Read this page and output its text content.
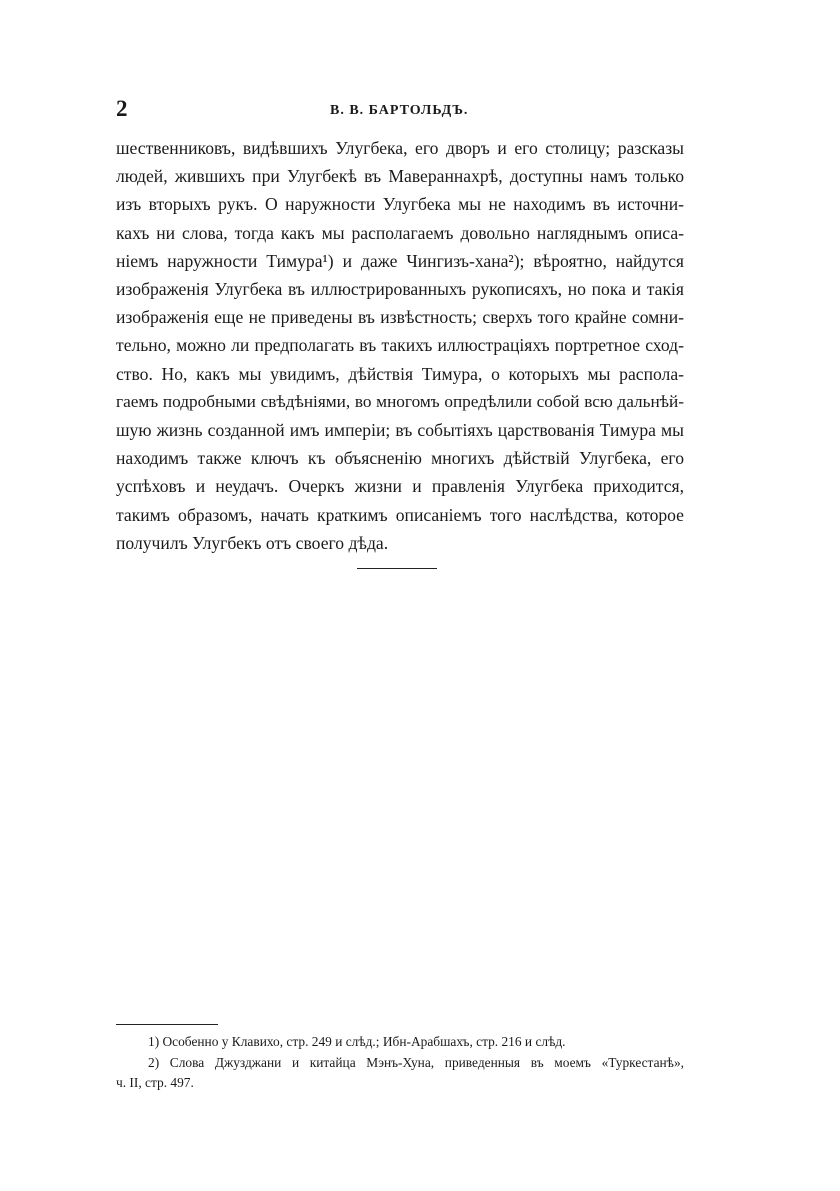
2	В. В. БАРТОЛЬДЪ.
шественниковъ, видѣвшихъ Улугбека, его дворъ и его столицу; разсказы
людей, жившихъ при Улугбекѣ въ Мавераннахрѣ, доступны намъ только
изъ вторыхъ рукъ. О наружности Улугбека мы не находимъ въ источни-
кахъ ни слова, тогда какъ мы располагаемъ довольно нагляднымъ описа-
ніемъ наружности Тимура¹) и даже Чингизъ-хана²); вѣроятно, найдутся
изображенія Улугбека въ иллюстрированныхъ рукописяхъ, но пока и такія
изображенія еще не приведены въ извѣстность; сверхъ того крайне сомни-
тельно, можно ли предполагать въ такихъ иллюстраціяхъ портретное сход-
ство. Но, какъ мы увидимъ, дѣйствія Тимура, о которыхъ мы распола-
гаемъ подробными свѣдѣніями, во многомъ опредѣлили собой всю дальнѣй-
шую жизнь созданной имъ имперіи; въ событіяхъ царствованія Тимура мы
находимъ также ключъ къ объясненію многихъ дѣйствій Улугбека, его
успѣховъ и неудачъ. Очеркъ жизни и правленія Улугбека приходится,
такимъ образомъ, начать краткимъ описаніемъ того наслѣдства, которое
получилъ Улугбекъ отъ своего дѣда.
1) Особенно у Клавихо, стр. 249 и слѣд.; Ибн-Арабшахъ, стр. 216 и слѣд.
2) Слова Джузджани и китайца Мэнъ-Хуна, приведенныя въ моемъ «Туркестанѣ»,
ч. II, стр. 497.
